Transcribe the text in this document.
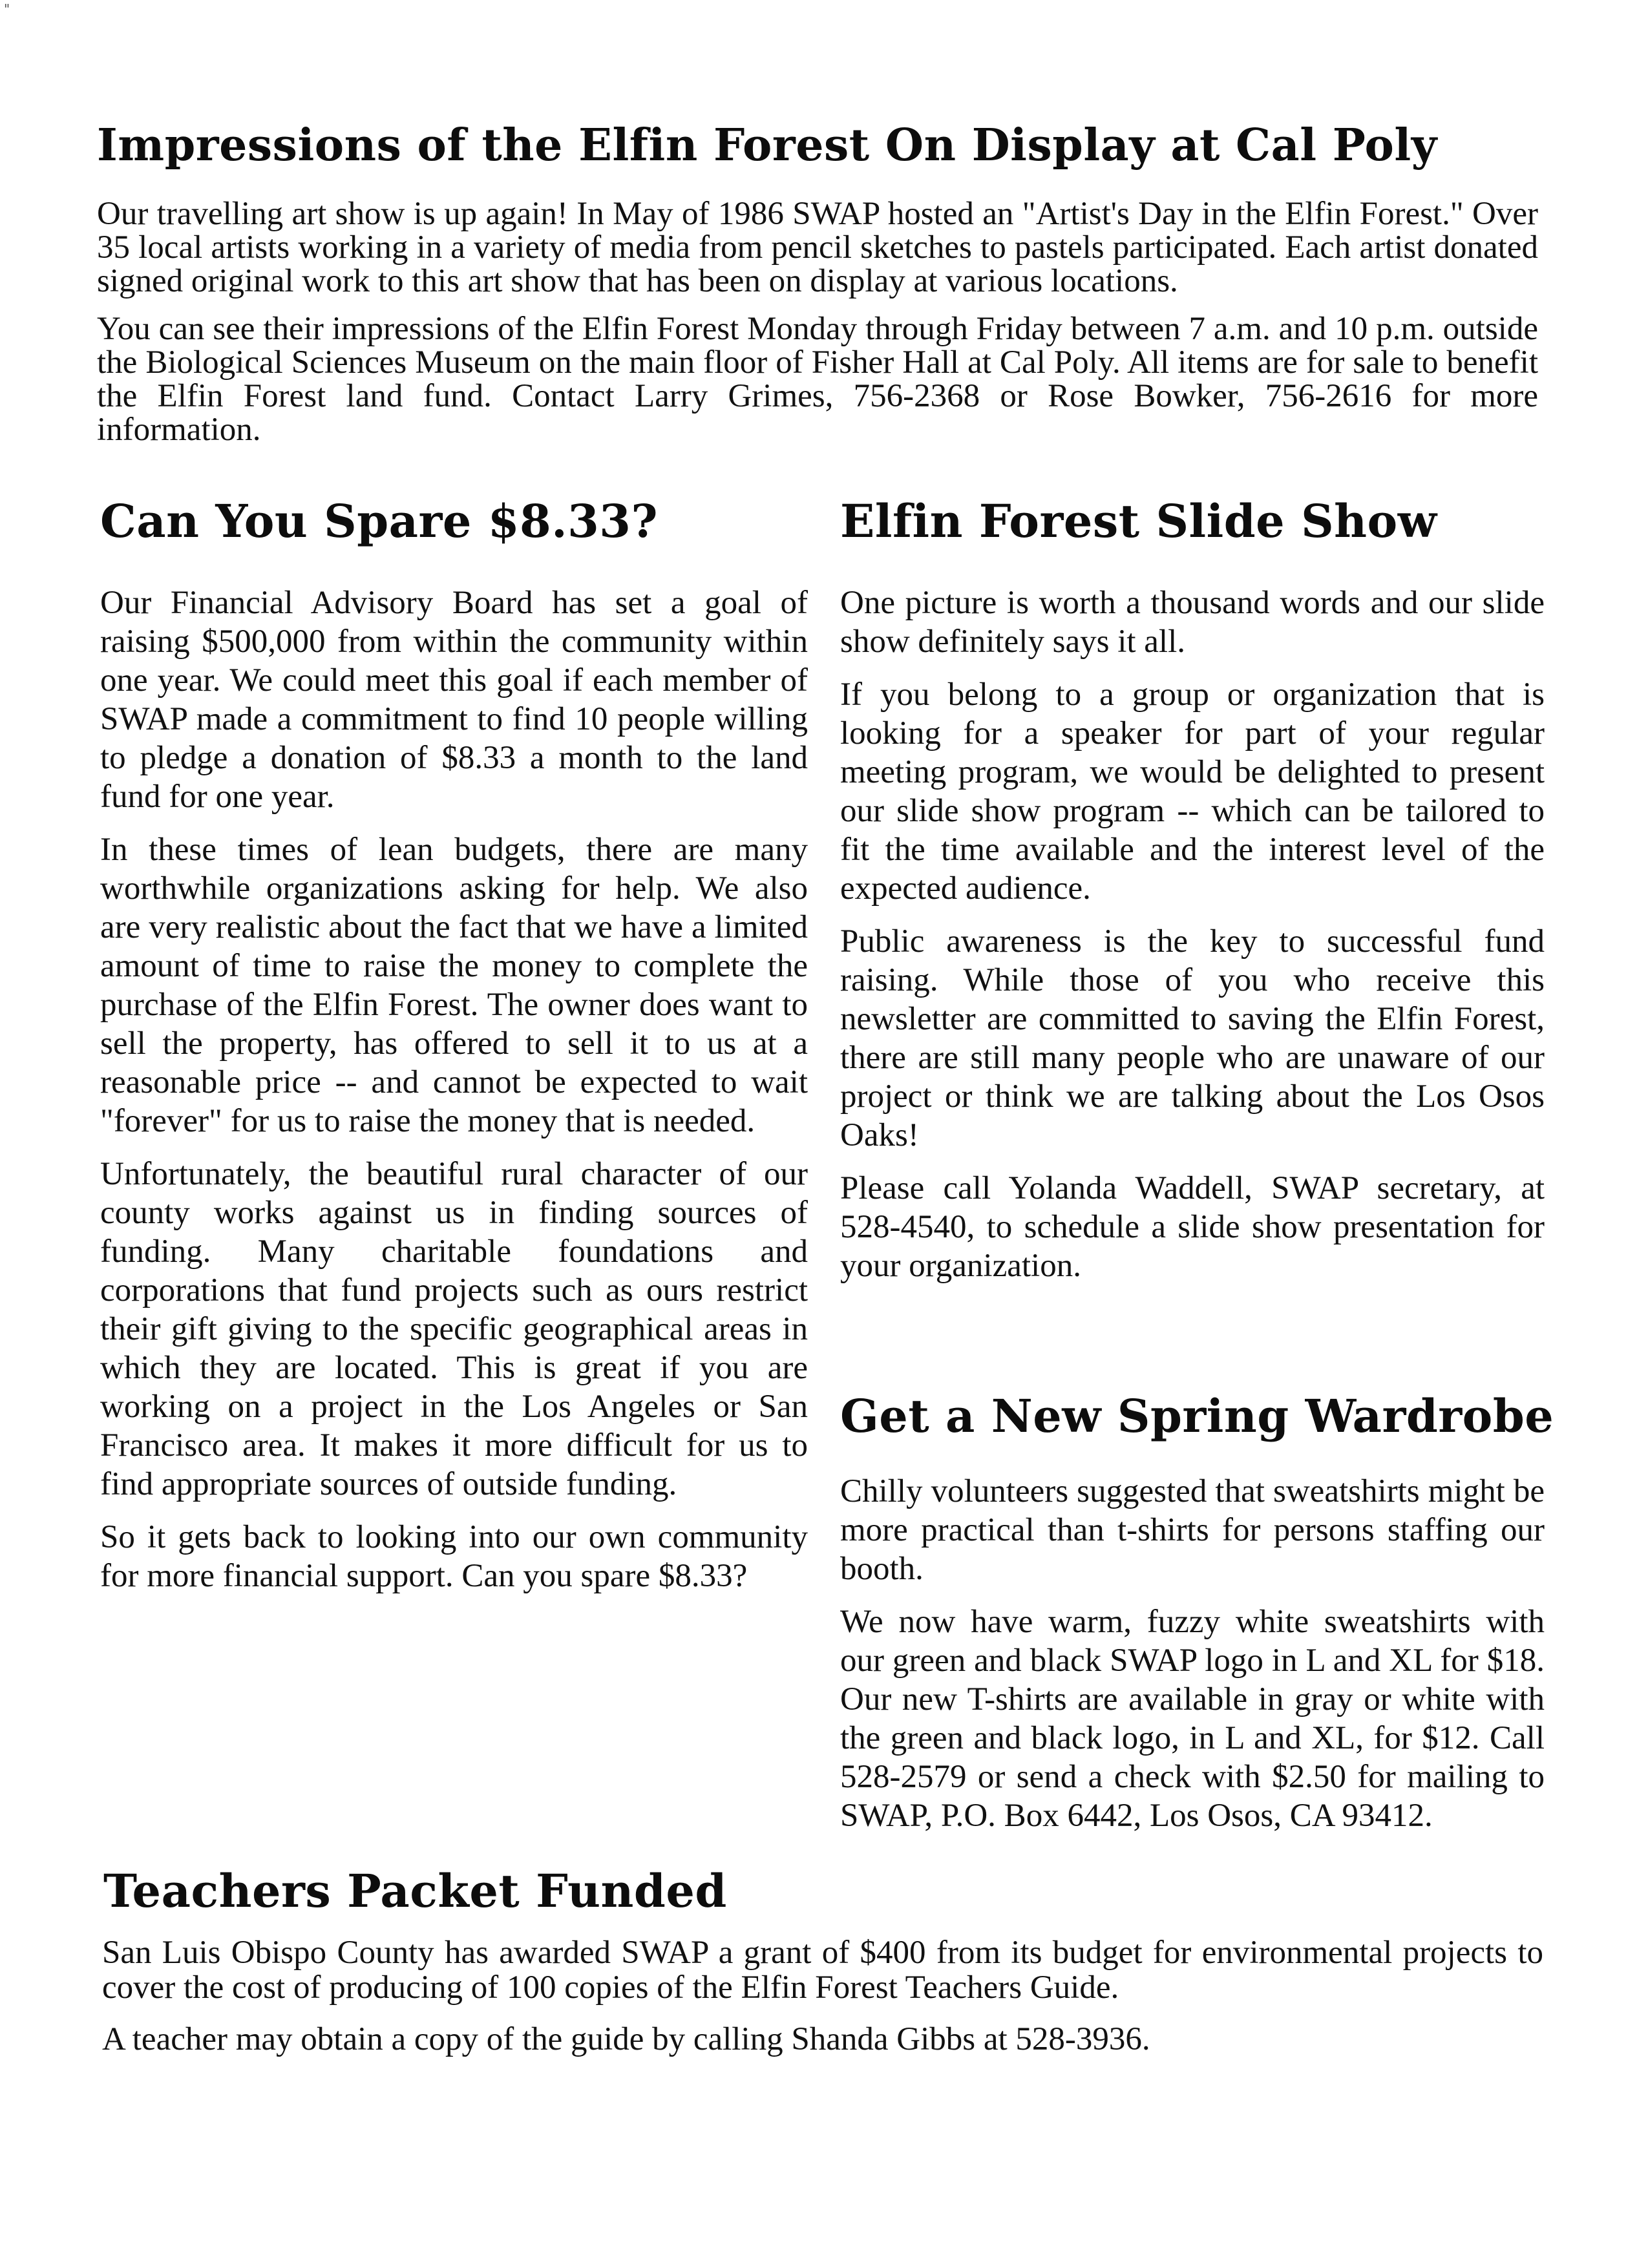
"
Impressions of the Elfin Forest On Display at Cal Poly

Our travelling art show is up again! In May of 1986 SWAP hosted an "Artist's Day in the Elfin Forest." Over 35 local artists working in a variety of media from pencil sketches to pastels participated. Each artist donated signed original work to this art show that has been on display at various locations.

You can see their impressions of the Elfin Forest Monday through Friday between 7 a.m. and 10 p.m. outside the Biological Sciences Museum on the main floor of Fisher Hall at Cal Poly. All items are for sale to benefit the Elfin Forest land fund. Contact Larry Grimes, 756-2368 or Rose Bowker, 756-2616 for more information.

Can You Spare $8.33?

Our Financial Advisory Board has set a goal of raising $500,000 from within the community within one year. We could meet this goal if each member of SWAP made a commitment to find 10 people willing to pledge a donation of $8.33 a month to the land fund for one year.

In these times of lean budgets, there are many worthwhile organizations asking for help. We also are very realistic about the fact that we have a limited amount of time to raise the money to complete the purchase of the Elfin Forest. The owner does want to sell the property, has offered to sell it to us at a reasonable price -- and cannot be expected to wait "forever" for us to raise the money that is needed.

Unfortunately, the beautiful rural character of our county works against us in finding sources of funding. Many charitable foundations and corporations that fund projects such as ours restrict their gift giving to the specific geographical areas in which they are located. This is great if you are working on a project in the Los Angeles or San Francisco area. It makes it more difficult for us to find appropriate sources of outside funding.

So it gets back to looking into our own community for more financial support. Can you spare $8.33?

Elfin Forest Slide Show

One picture is worth a thousand words and our slide show definitely says it all.

If you belong to a group or organization that is looking for a speaker for part of your regular meeting program, we would be delighted to present our slide show program -- which can be tailored to fit the time available and the interest level of the expected audience.

Public awareness is the key to successful fund raising. While those of you who receive this newsletter are committed to saving the Elfin Forest, there are still many people who are unaware of our project or think we are talking about the Los Osos Oaks!

Please call Yolanda Waddell, SWAP secretary, at 528-4540, to schedule a slide show presentation for your organization.

Get a New Spring Wardrobe

Chilly volunteers suggested that sweatshirts might be more practical than t-shirts for persons staffing our booth.

We now have warm, fuzzy white sweatshirts with our green and black SWAP logo in L and XL for $18. Our new T-shirts are available in gray or white with the green and black logo, in L and XL, for $12. Call 528-2579 or send a check with $2.50 for mailing to SWAP, P.O. Box 6442, Los Osos, CA 93412.

Teachers Packet Funded

San Luis Obispo County has awarded SWAP a grant of $400 from its budget for environmental projects to cover the cost of producing of 100 copies of the Elfin Forest Teachers Guide.

A teacher may obtain a copy of the guide by calling Shanda Gibbs at 528-3936.
